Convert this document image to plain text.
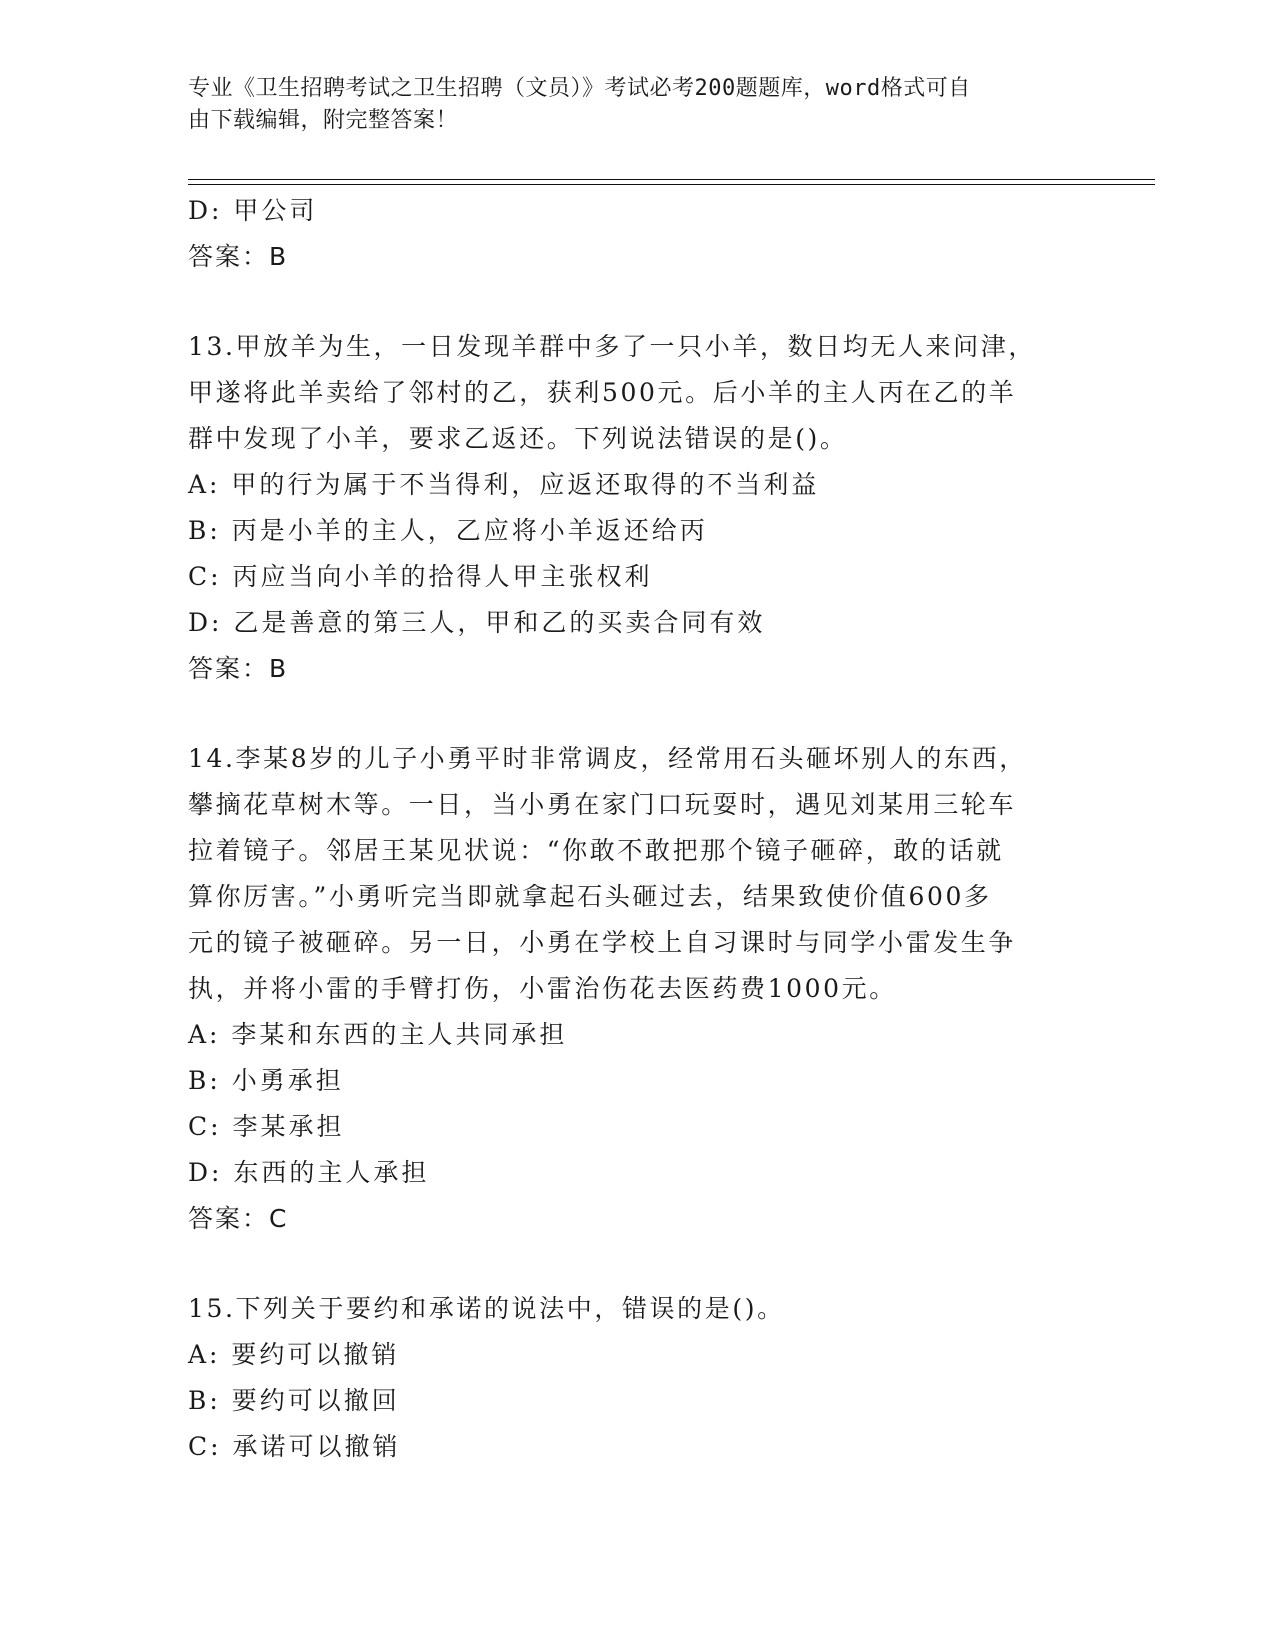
专业《卫生招聘考试之卫生招聘（文员）》考试必考200题题库，word格式可自
由下载编辑，附完整答案！
D: 甲公司
答案：B
13.甲放羊为生，一日发现羊群中多了一只小羊，数日均无人来问津，
甲遂将此羊卖给了邻村的乙，获利500元。后小羊的主人丙在乙的羊
群中发现了小羊，要求乙返还。下列说法错误的是()。
A: 甲的行为属于不当得利，应返还取得的不当利益
B: 丙是小羊的主人，乙应将小羊返还给丙
C: 丙应当向小羊的拾得人甲主张权利
D: 乙是善意的第三人，甲和乙的买卖合同有效
答案：B
14.李某8岁的儿子小勇平时非常调皮，经常用石头砸坏别人的东西，
攀摘花草树木等。一日，当小勇在家门口玩耍时，遇见刘某用三轮车
拉着镜子。邻居王某见状说：“你敢不敢把那个镜子砸碎，敢的话就
算你厉害。”小勇听完当即就拿起石头砸过去，结果致使价值600多
元的镜子被砸碎。另一日，小勇在学校上自习课时与同学小雷发生争
执，并将小雷的手臂打伤，小雷治伤花去医药费1000元。
A: 李某和东西的主人共同承担
B: 小勇承担
C: 李某承担
D: 东西的主人承担
答案：C
15.下列关于要约和承诺的说法中，错误的是()。
A: 要约可以撤销
B: 要约可以撤回
C: 承诺可以撤销
